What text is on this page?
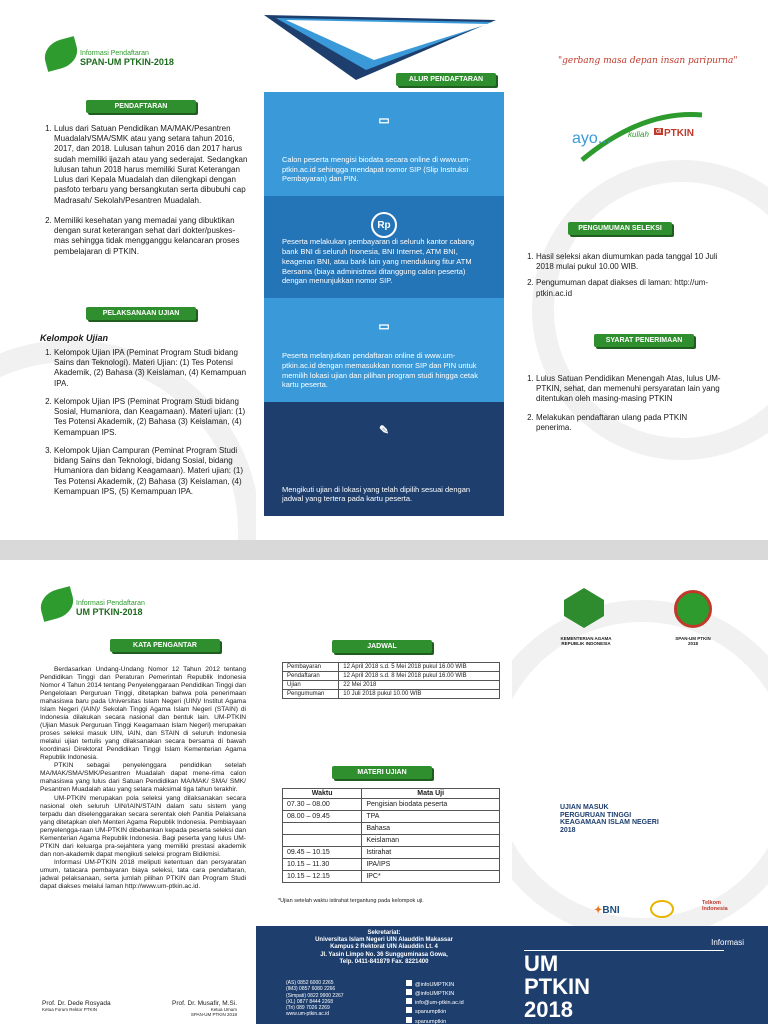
Informasi Pendaftaran
SPAN-UM PTKIN-2018
PENDAFTARAN
1. Lulus dari Satuan Pendidikan MA/MAK/Pesantren Muadalah/SMA/SMK atau yang setara tahun 2016, 2017, dan 2018. Lulusan tahun 2016 dan 2017 harus sudah memiliki ijazah atau yang sederajat. Sedangkan lulusan tahun 2018 harus memiliki Surat Keterangan Lulus dari Kepala Muadalah dan dilengkapi dengan pasfoto terbaru yang bersangkutan serta dibubuhi cap Madrasah/ Sekolah/Pesantren Muadalah.
2. Memiliki kesehatan yang memadai yang dibuktikan dengan surat keterangan sehat dari dokter/puskes-mas sehingga tidak mengganggu kelancaran proses pembelajaran di PTKIN.
PELAKSANAAN UJIAN
Kelompok Ujian
1. Kelompok Ujian IPA (Peminat Program Studi bidang Sains dan Teknologi). Materi Ujian: (1) Tes Potensi Akademik, (2) Bahasa (3) Keislaman, (4) Kemampuan IPA.
2. Kelompok Ujian IPS (Peminat Program Studi bidang Sosial, Humaniora, dan Keagamaan). Materi ujian: (1) Tes Potensi Akademik, (2) Bahasa (3) Keislaman, (4) Kemampuan IPS.
3. Kelompok Ujian Campuran (Peminat Program Studi bidang Sains dan Teknologi, bidang Sosial, bidang Humaniora dan bidang Keagamaan). Materi ujian: (1) Tes Potensi Akademik, (2) Bahasa (3) Keislaman, (4) Kemampuan IPS, (5) Kemampuan IPA.
ALUR PENDAFTARAN
▭

Calon peserta mengisi biodata secara online di www.um-ptkin.ac.id sehingga mendapat nomor SIP (Slip Instruksi Pembayaran) dan PIN.

Rp

Peserta melakukan pembayaran di seluruh kantor cabang bank BNI di seluruh Inonesia, BNI Internet, ATM BNI, keagenan BNI, atau bank lain yang mendukung fitur ATM Bersama (biaya administrasi ditanggung calon peserta) dengan menunjukkan nomor SIP.

▭

Peserta melanjutkan pendaftaran online di www.um-ptkin.ac.id dengan memasukkan nomor SIP dan PIN untuk memilih lokasi ujian dan pilihan program studi hingga cetak kartu peserta.

✎

Mengikuti ujian di lokasi yang telah dipilih sesuai dengan jadwal yang tertera pada kartu peserta.

"gerbang masa depan insan paripurna"
ayo... kuliah di PTKIN
PENGUMUMAN SELEKSI
1. Hasil seleksi akan diumumkan pada tanggal 10 Juli 2018 mulai pukul 10.00 WIB.
2. Pengumuman dapat diakses di laman: http://um-ptkin.ac.id
SYARAT PENERIMAAN
1. Lulus Satuan Pendidikan Menengah Atas, lulus UM-PTKIN, sehat, dan memenuhi persyaratan lain yang ditentukan oleh masing-masing PTKIN
2. Melakukan pendaftaran ulang pada PTKIN penerima.
Informasi Pendaftaran
UM PTKIN-2018
KATA PENGANTAR

Berdasarkan Undang-Undang Nomor 12 Tahun 2012 tentang Pendidikan Tinggi dan Peraturan Pemerintah Republik Indonesia Nomor 4 Tahun 2014 tentang Penyelenggaraan Pendidikan Tinggi dan Pengelolaan Perguruan Tinggi, ditetapkan bahwa pola penerimaan mahasiswa baru pada Universitas Islam Negeri (UIN)/ Institut Agama Islam Negeri (IAIN)/ Sekolah Tinggi Agama Islam Negeri (STAIN) di Indonesia dilakukan secara nasional dan bentuk lain. UM-PTKIN (Ujian Masuk Perguruan Tinggi Keagamaan Islam Negeri) merupakan proses seleksi masuk UIN, IAIN, dan STAIN di seluruh Indonesia melalui ujian tertulis yang dilaksanakan secara bersama di bawah koordinasi Direktorat Pendidikan Tinggi Islam Kementerian Agama Republik Indonesia.

PTKIN sebagai penyelenggara pendidikan setelah MA/MAK/SMA/SMK/Pesantren Muadalah dapat mene-rima calon mahasiswa yang lulus dari Satuan Pendidikan MA/MAK/ SMA/ SMK/ Pesantren Muadalah atau yang setara maksimal tiga tahun terakhir.

UM-PTKIN merupakan pola seleksi yang dilaksanakan secara nasional oleh seluruh UIN/IAIN/STAIN dalam satu sistem yang terpadu dan diselenggarakan secara serentak oleh Panitia Pelaksana yang ditetapkan oleh Menteri Agama Republik Indonesia. Pembiayaan penyelengga-raan UM-PTKIN dibebankan kepada peserta seleksi dan Kementerian Agama Republik Indonesia. Bagi peserta yang lulus UM-PTKIN dari keluarga pra-sejahtera yang memiliki prestasi akademik dan non-akademik dapat mengikuti seleksi program Bidikmisi.

Informasi UM-PTKIN 2018 meliputi ketentuan dan persyaratan umum, tatacara pembayaran biaya seleksi, tata cara pendaftaran, jadwal pelaksanaan, serta jumlah pilihan PTKIN dan Program Studi dapat diakses melalui laman http://www.um-ptkin.ac.id.

Prof. Dr. Dede Rosyada
Ketua Forum Rektor PTKIN
Prof. Dr. Musafir, M.Si.
Ketua Umum
SPAN-UM PTKIN 2018
JADWAL
Pembayaran	12 April 2018 s.d. 5 Mei 2018 pukul 16.00 WIB
Pendaftaran	12 April 2018 s.d. 8 Mei 2018 pukul 16.00 WIB
Ujian	22 Mei 2018
Pengumuman	10 Juli 2018 pukul 10.00 WIB
MATERI UJIAN
Waktu	Mata Uji
07.30 – 08.00	Pengisian biodata peserta
08.00 – 09.45	TPA
	Bahasa
	Keislaman
09.45 – 10.15	Istirahat
10.15 – 11.30	IPA/IPS
10.15 – 12.15	IPC*
*Ujian setelah waktu istirahat tergantung pada kelompok uji.
Sekretariat:
Universitas Islam Negeri UIN Alauddin Makassar
Kampus 2 Rektorat UIN Alauddin Lt. 4
Jl. Yasin Limpo No. 36 Sungguminasa Gowa,
Telp. 0411-841879 Fax. 8221400
(AS) 0852 6000 2265
(IM3) 0857 6080 2266
(Simpati) 0822 9900 2267
(XL) 0877 8444 2268
(Tri) 089 7026 2269
www.um-ptkin.ac.id
@infoUMPTKIN
@infoUMPTKIN
info@um-ptkin.ac.id
spanumptkin
spanumptkin
KEMENTERIAN AGAMA
REPUBLIK INDONESIA
SPAN-UM PTKIN
2018
UJIAN MASUK
PERGURUAN TINGGI
KEAGAMAAN ISLAM NEGERI
2018
✦BNI
Telkom
Indonesia
Informasi
UM
PTKIN
2018
